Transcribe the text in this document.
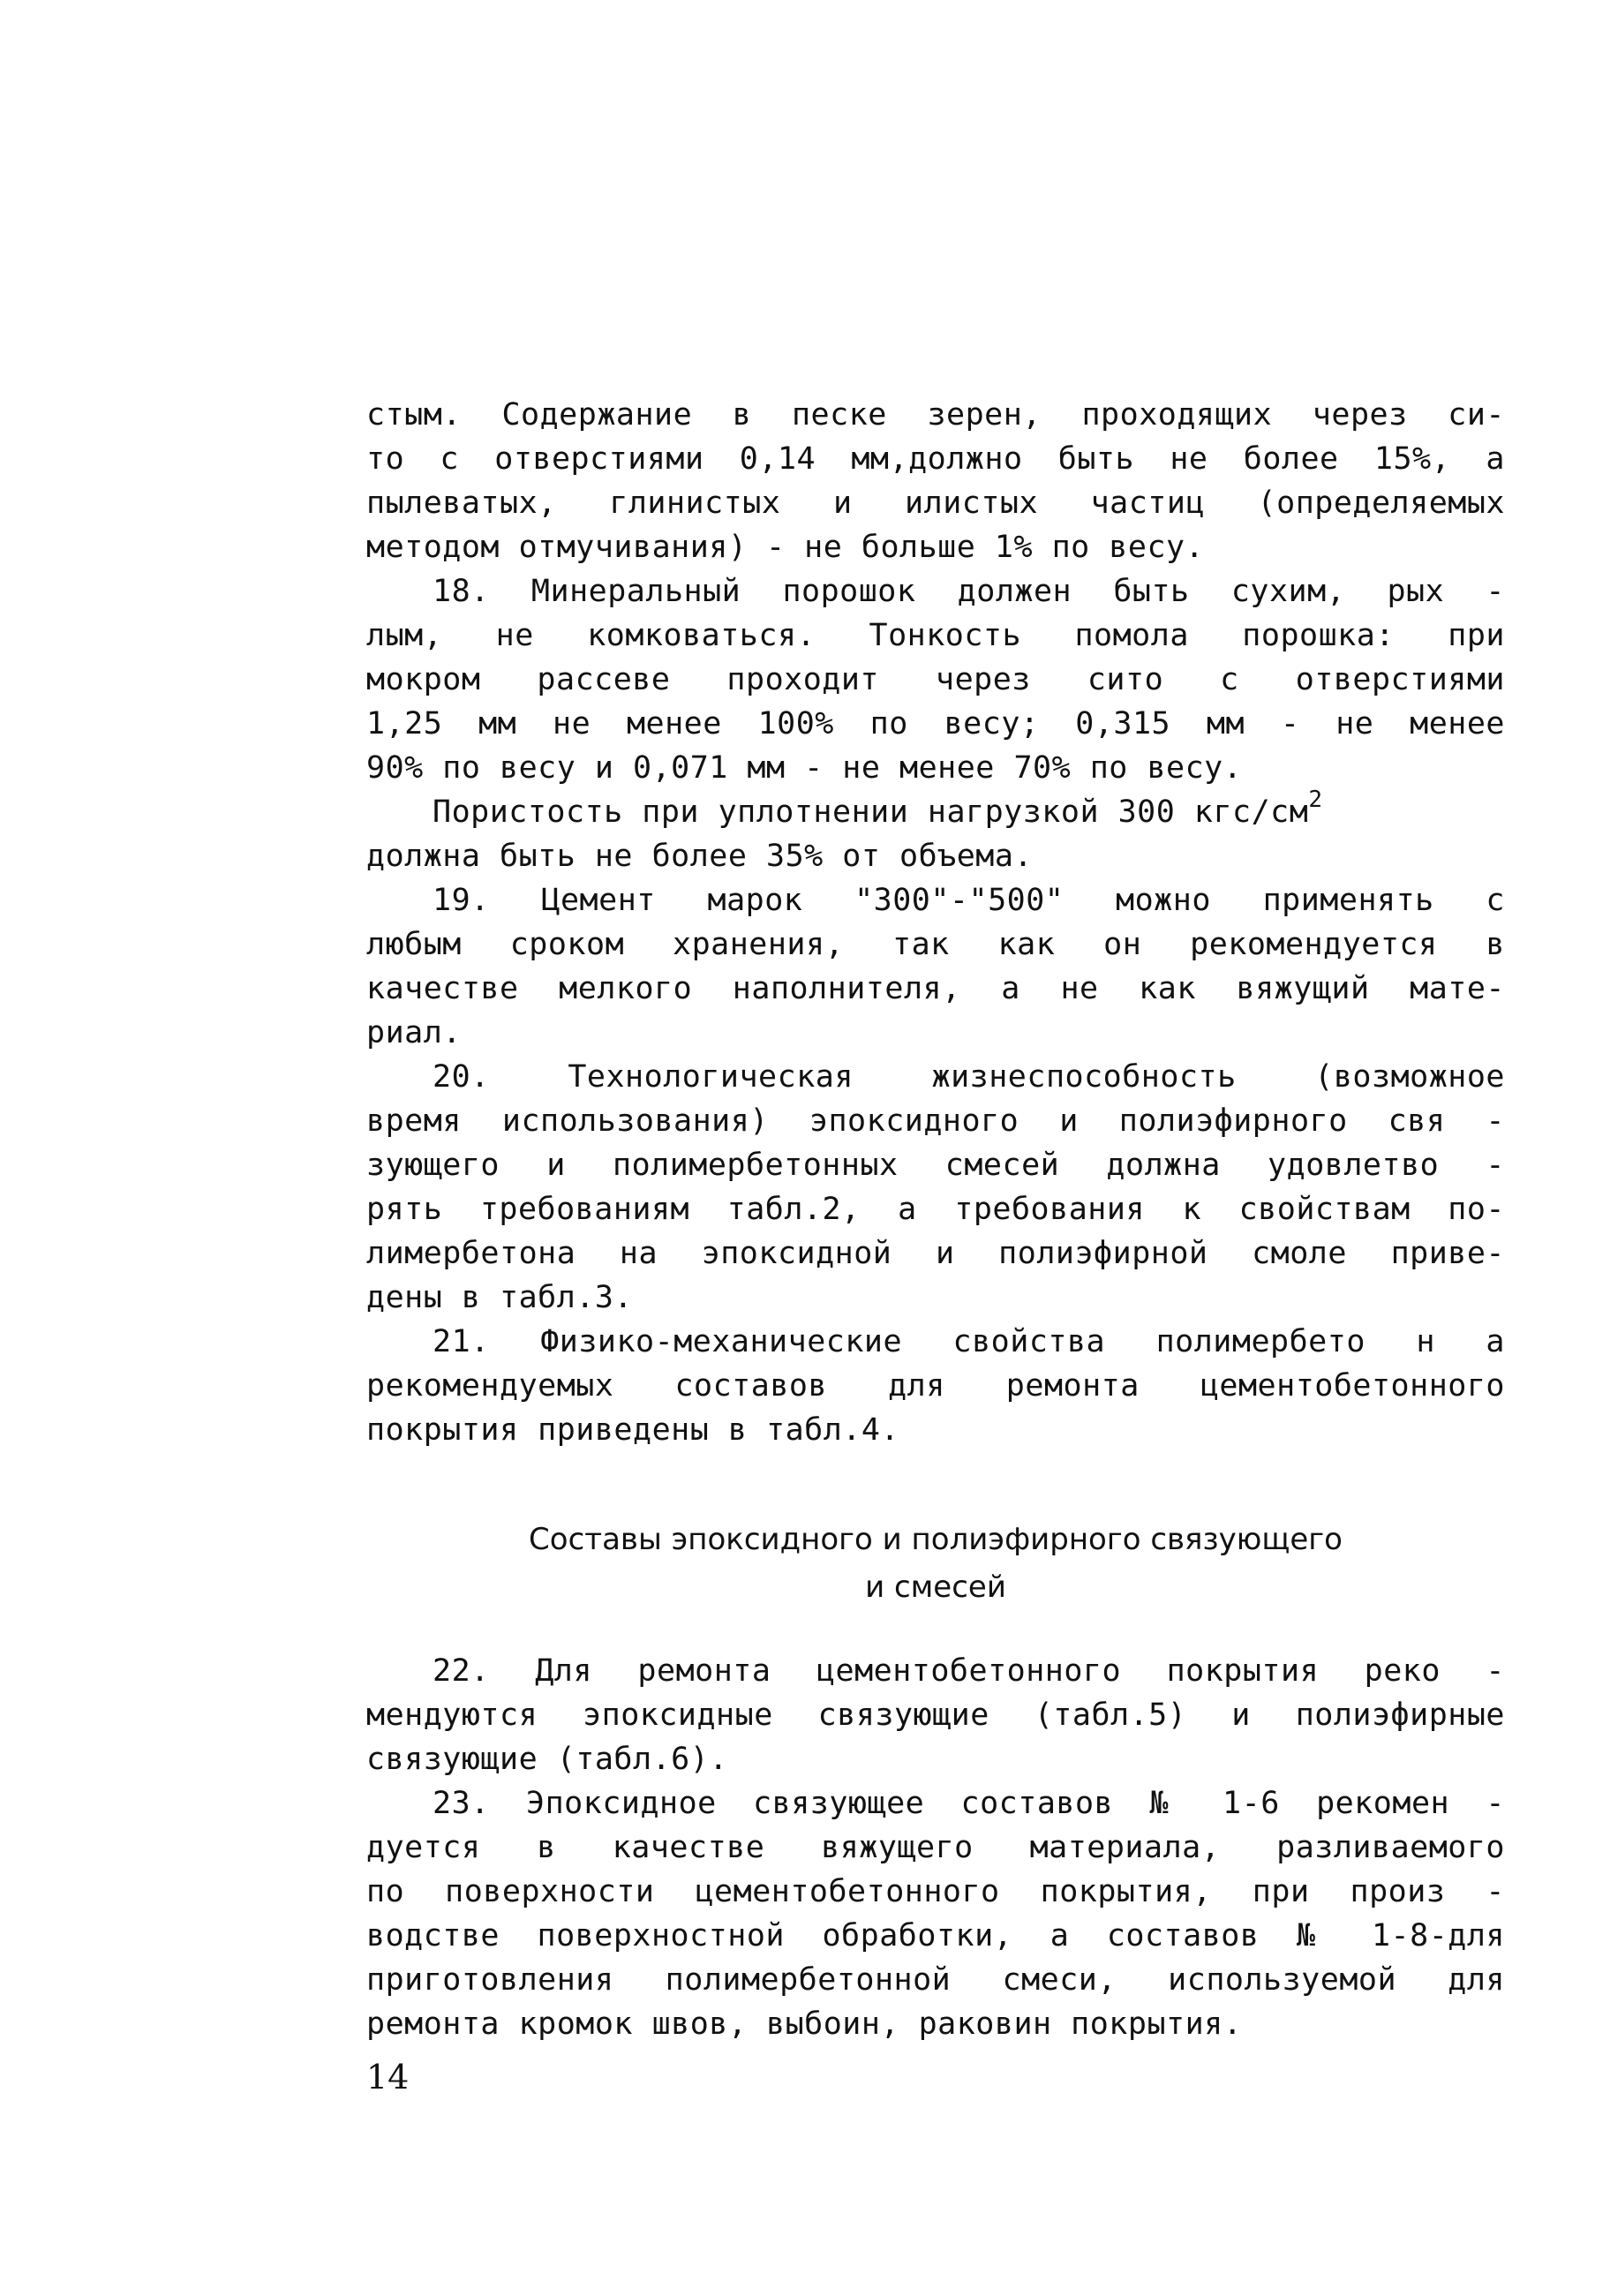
стым. Содержание в песке зерен, проходящих через си-
то с отверстиями 0,14 мм,должно быть не более 15%, а
пылеватых, глинистых и илистых частиц (определяемых
методом отмучивания) - не больше 1% по весу.
18. Минеральный порошок должен быть сухим, рых -
лым, не комковаться. Тонкость помола порошка: при
мокром рассеве проходит через сито с отверстиями
1,25 мм не менее 100% по весу; 0,315 мм - не менее
90% по весу и 0,071 мм - не менее 70% по весу.
Пористость при уплотнении нагрузкой 300 кгс/$см^2$
должна быть не более 35% от объема.
19. Цемент марок "300"-"500" можно применять с
любым сроком хранения, так как он рекомендуется в
качестве мелкого наполнителя, а не как вяжущий мате-
риал.
20. Технологическая жизнеспособность (возможное
время использования) эпоксидного и полиэфирного свя -
зующего и полимербетонных смесей должна удовлетво -
рять требованиям табл.2, а требования к свойствам по-
лимербетона на эпоксидной и полиэфирной смоле приве-
дены в табл.3.
21. Физико-механические свойства полимербето н а
рекомендуемых составов для ремонта цементобетонного
покрытия приведены в табл.4.
Составы эпоксидного и полиэфирного связующего
и смесей
22. Для ремонта цементобетонного покрытия реко -
мендуются эпоксидные связующие (табл.5) и полиэфирные
связующие (табл.6).
23. Эпоксидное связующее составов № 1-6 рекомен -
дуется в качестве вяжущего материала, разливаемого
по поверхности цементобетонного покрытия, при произ -
водстве поверхностной обработки, а составов № 1-8-для
приготовления полимербетонной смеси, используемой для
ремонта кромок швов, выбоин, раковин покрытия.
14
